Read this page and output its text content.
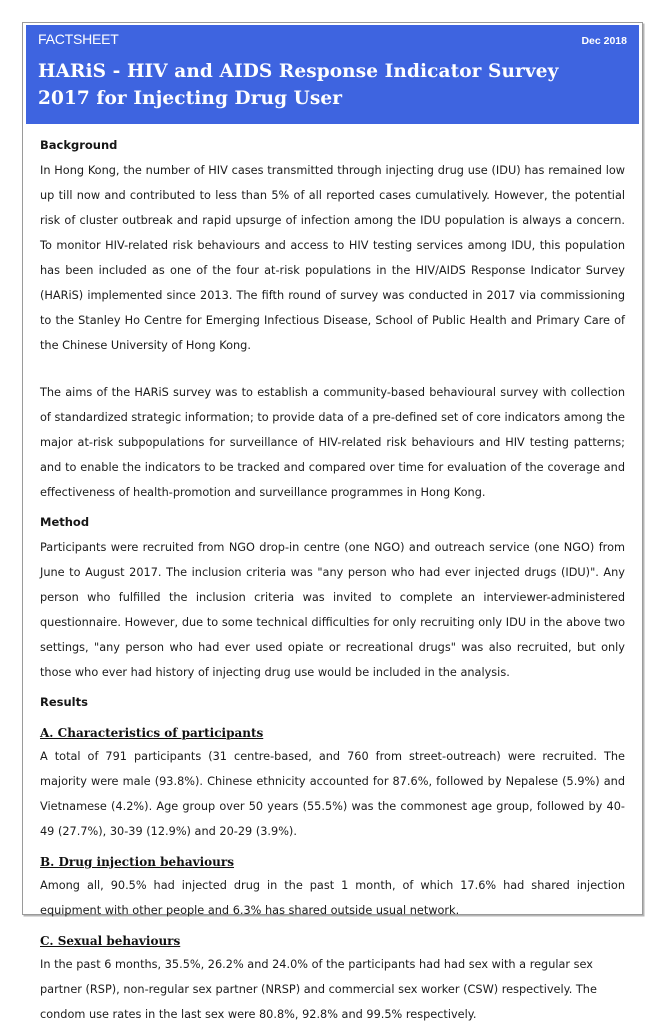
FACTSHEET	Dec 2018
HARiS - HIV and AIDS Response Indicator Survey 2017 for Injecting Drug User
Background

In Hong Kong, the number of HIV cases transmitted through injecting drug use (IDU) has remained low up till now and contributed to less than 5% of all reported cases cumulatively. However, the potential risk of cluster outbreak and rapid upsurge of infection among the IDU population is always a concern. To monitor HIV-related risk behaviours and access to HIV testing services among IDU, this population has been included as one of the four at-risk populations in the HIV/AIDS Response Indicator Survey (HARiS) implemented since 2013. The fifth round of survey was conducted in 2017 via commissioning to the Stanley Ho Centre for Emerging Infectious Disease, School of Public Health and Primary Care of the Chinese University of Hong Kong.

The aims of the HARiS survey was to establish a community-based behavioural survey with collection of standardized strategic information; to provide data of a pre-defined set of core indicators among the major at-risk subpopulations for surveillance of HIV-related risk behaviours and HIV testing patterns; and to enable the indicators to be tracked and compared over time for evaluation of the coverage and effectiveness of health-promotion and surveillance programmes in Hong Kong.

Method

Participants were recruited from NGO drop-in centre (one NGO) and outreach service (one NGO) from June to August 2017. The inclusion criteria was "any person who had ever injected drugs (IDU)". Any person who fulfilled the inclusion criteria was invited to complete an interviewer-administered questionnaire. However, due to some technical difficulties for only recruiting only IDU in the above two settings, "any person who had ever used opiate or recreational drugs" was also recruited, but only those who ever had history of injecting drug use would be included in the analysis.

Results
A. Characteristics of participants

A total of 791 participants (31 centre-based, and 760 from street-outreach) were recruited. The majority were male (93.8%). Chinese ethnicity accounted for 87.6%, followed by Nepalese (5.9%) and Vietnamese (4.2%). Age group over 50 years (55.5%) was the commonest age group, followed by 40-49 (27.7%), 30-39 (12.9%) and 20-29 (3.9%).

B. Drug injection behaviours

Among all, 90.5% had injected drug in the past 1 month, of which 17.6% had shared injection equipment with other people and 6.3% has shared outside usual network.

C. Sexual behaviours

In the past 6 months, 35.5%, 26.2% and 24.0% of the participants had had sex with a regular sex partner (RSP), non-regular sex partner (NRSP) and commercial sex worker (CSW) respectively. The condom use rates in the last sex were 80.8%, 92.8% and 99.5% respectively.
